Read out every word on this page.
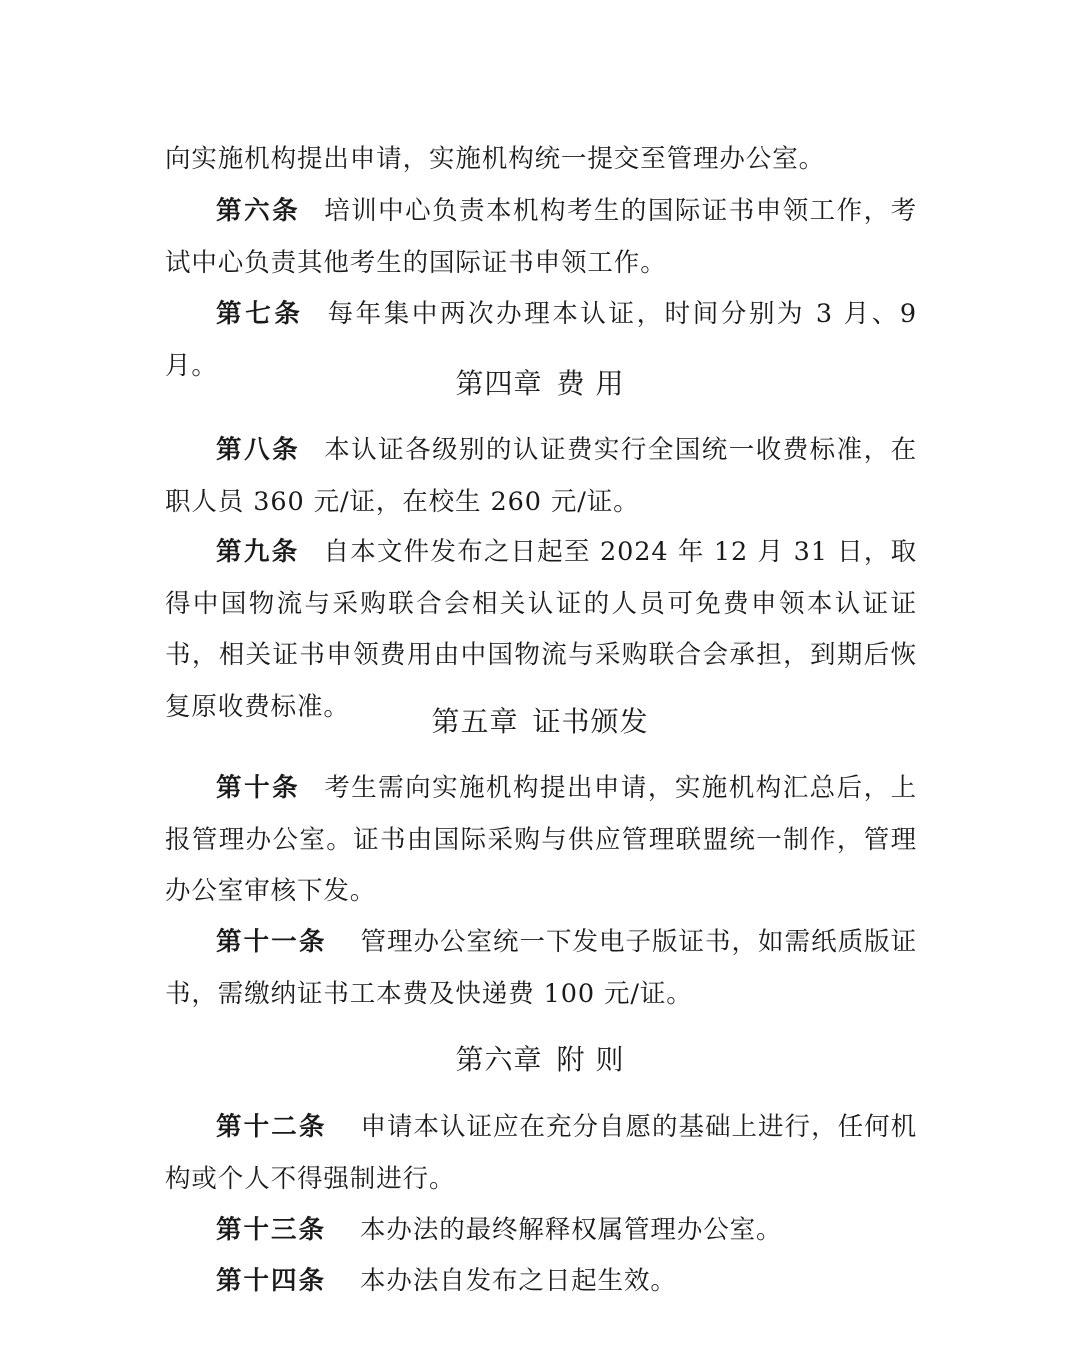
向实施机构提出申请，实施机构统一提交至管理办公室。

第六条 培训中心负责本机构考生的国际证书申领工作，考试中心负责其他考生的国际证书申领工作。

第七条 每年集中两次办理本认证，时间分别为 3 月、9 月。

第四章 费 用

第八条 本认证各级别的认证费实行全国统一收费标准，在职人员 360 元/证，在校生 260 元/证。

第九条 自本文件发布之日起至 2024 年 12 月 31 日，取得中国物流与采购联合会相关认证的人员可免费申领本认证证书，相关证书申领费用由中国物流与采购联合会承担，到期后恢复原收费标准。	第五章 证书颁发

第十条 考生需向实施机构提出申请，实施机构汇总后，上报管理办公室。证书由国际采购与供应管理联盟统一制作，管理办公室审核下发。

第十一条 管理办公室统一下发电子版证书，如需纸质版证书，需缴纳证书工本费及快递费 100 元/证。

第六章 附 则

第十二条 申请本认证应在充分自愿的基础上进行，任何机构或个人不得强制进行。

第十三条 本办法的最终解释权属管理办公室。

第十四条 本办法自发布之日起生效。
